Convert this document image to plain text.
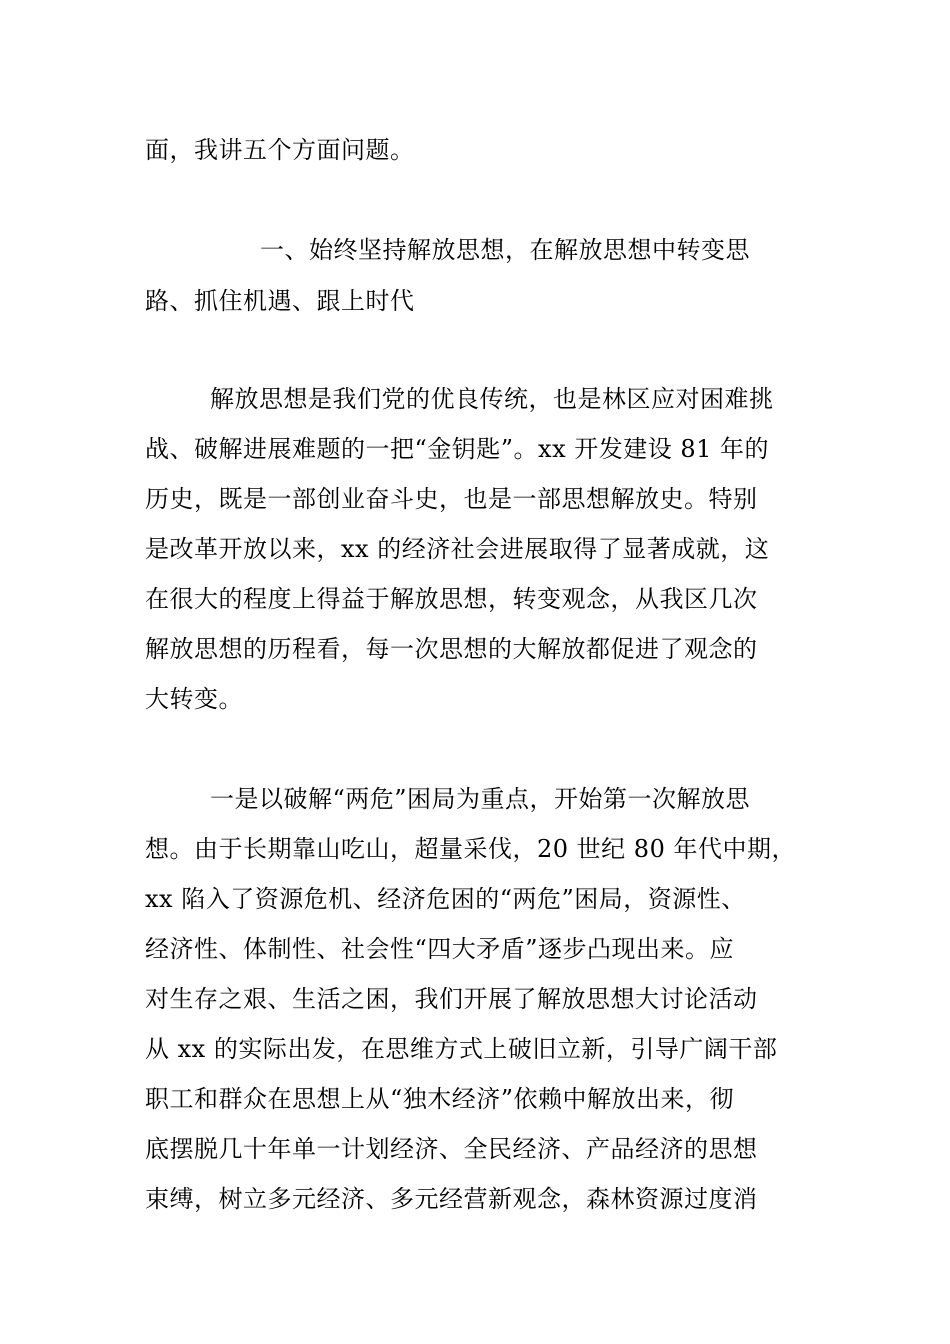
面，我讲五个方面问题。
一、始终坚持解放思想，在解放思想中转变思
路、抓住机遇、跟上时代
解放思想是我们党的优良传统，也是林区应对困难挑
战、破解进展难题的一把“金钥匙”。xx 开发建设 81 年的
历史，既是一部创业奋斗史，也是一部思想解放史。特别
是改革开放以来，xx 的经济社会进展取得了显著成就，这
在很大的程度上得益于解放思想，转变观念，从我区几次
解放思想的历程看，每一次思想的大解放都促进了观念的
大转变。
一是以破解“两危”困局为重点，开始第一次解放思
想。由于长期靠山吃山，超量采伐，20 世纪 80 年代中期，
xx 陷入了资源危机、经济危困的“两危”困局，资源性、
经济性、体制性、社会性“四大矛盾”逐步凸现出来。应
对生存之艰、生活之困，我们开展了解放思想大讨论活动
从 xx 的实际出发，在思维方式上破旧立新，引导广阔干部
职工和群众在思想上从“独木经济”依赖中解放出来，彻
底摆脱几十年单一计划经济、全民经济、产品经济的思想
束缚，树立多元经济、多元经营新观念，森林资源过度消
